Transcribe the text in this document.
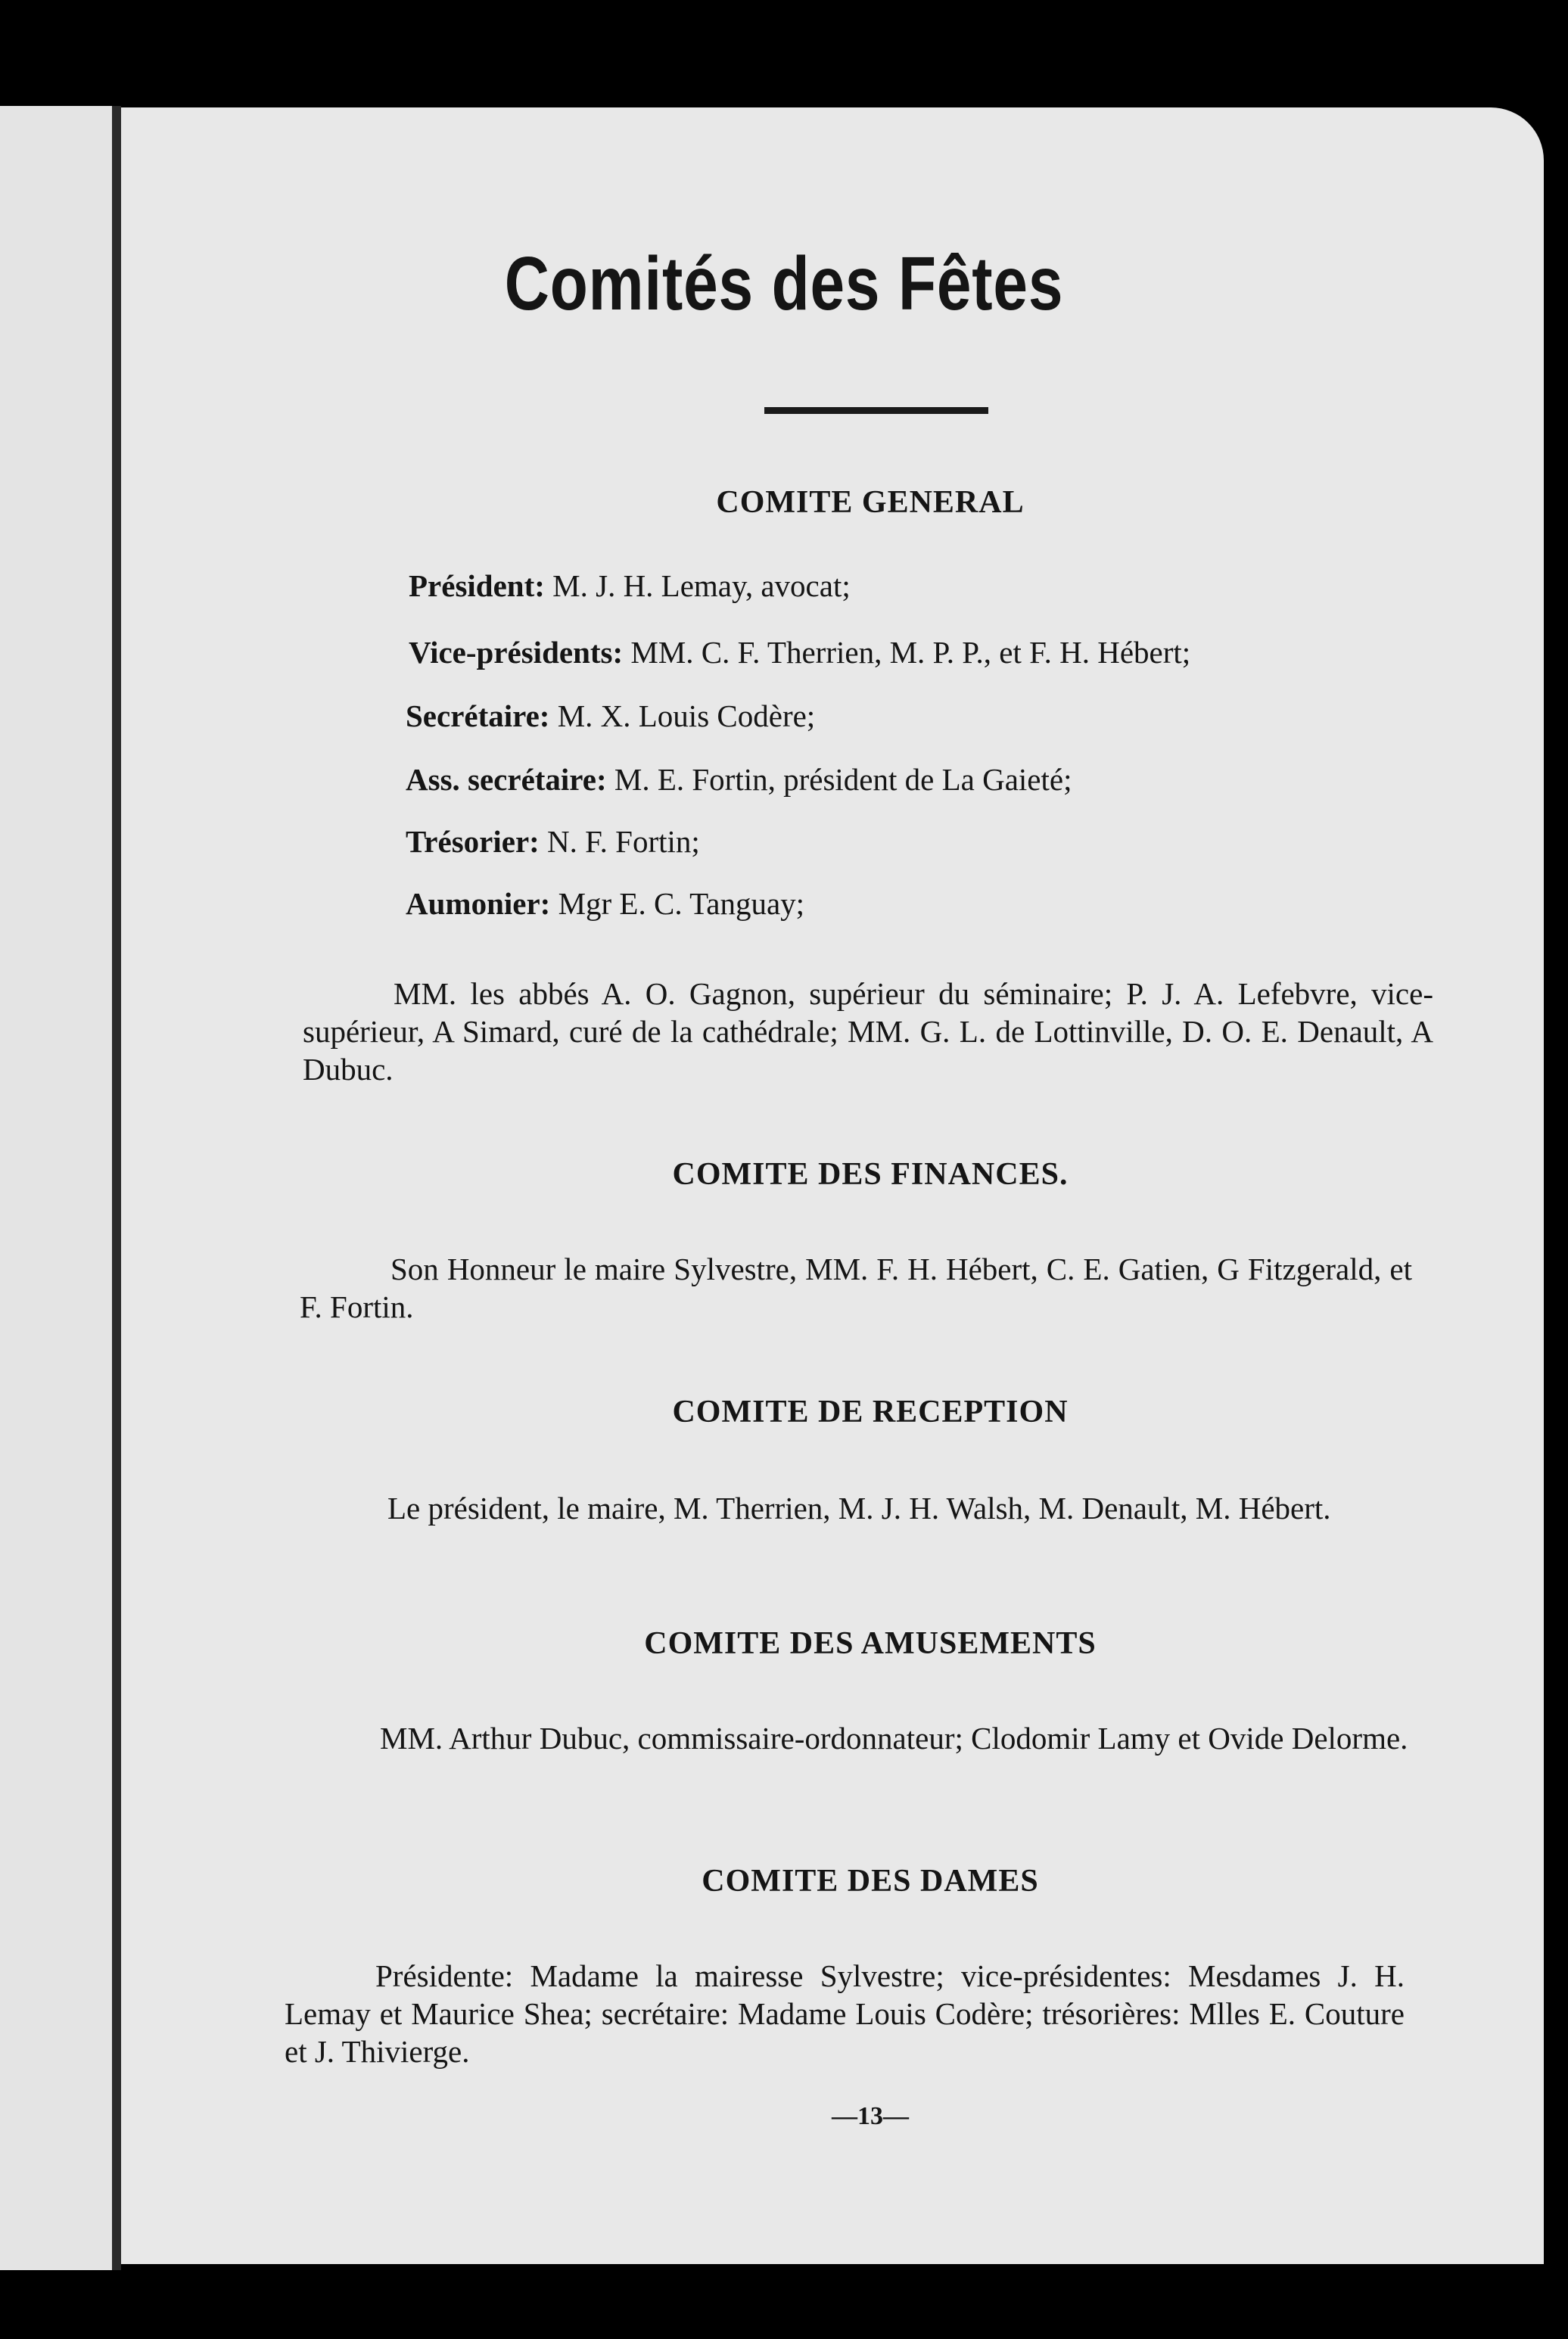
Comités des Fêtes
COMITE GENERAL

Président: M. J. H. Lemay, avocat;

Vice-présidents: MM. C. F. Therrien, M. P. P., et F. H. Hébert;

Secrétaire: M. X. Louis Codère;

Ass. secrétaire: M. E. Fortin, président de La Gaieté;

Trésorier: N. F. Fortin;

Aumonier: Mgr E. C. Tanguay;

MM. les abbés A. O. Gagnon, supérieur du séminaire; P. J. A. Lefebvre, vice-supérieur, A Simard, curé de la cathédrale; MM. G. L. de Lottinville, D. O. E. Denault, A Dubuc.

COMITE DES FINANCES.

Son Honneur le maire Sylvestre, MM. F. H. Hébert, C. E. Gatien, G Fitzgerald, et F. Fortin.

COMITE DE RECEPTION

Le président, le maire, M. Therrien, M. J. H. Walsh, M. Denault, M. Hébert.

COMITE DES AMUSEMENTS

MM. Arthur Dubuc, commissaire-ordonnateur; Clodomir Lamy et Ovide Delorme.

COMITE DES DAMES

Présidente: Madame la mairesse Sylvestre; vice-présidentes: Mesdames J. H. Lemay et Maurice Shea; secrétaire: Madame Louis Codère; trésorières: Mlles E. Couture et J. Thivierge.

—13—
